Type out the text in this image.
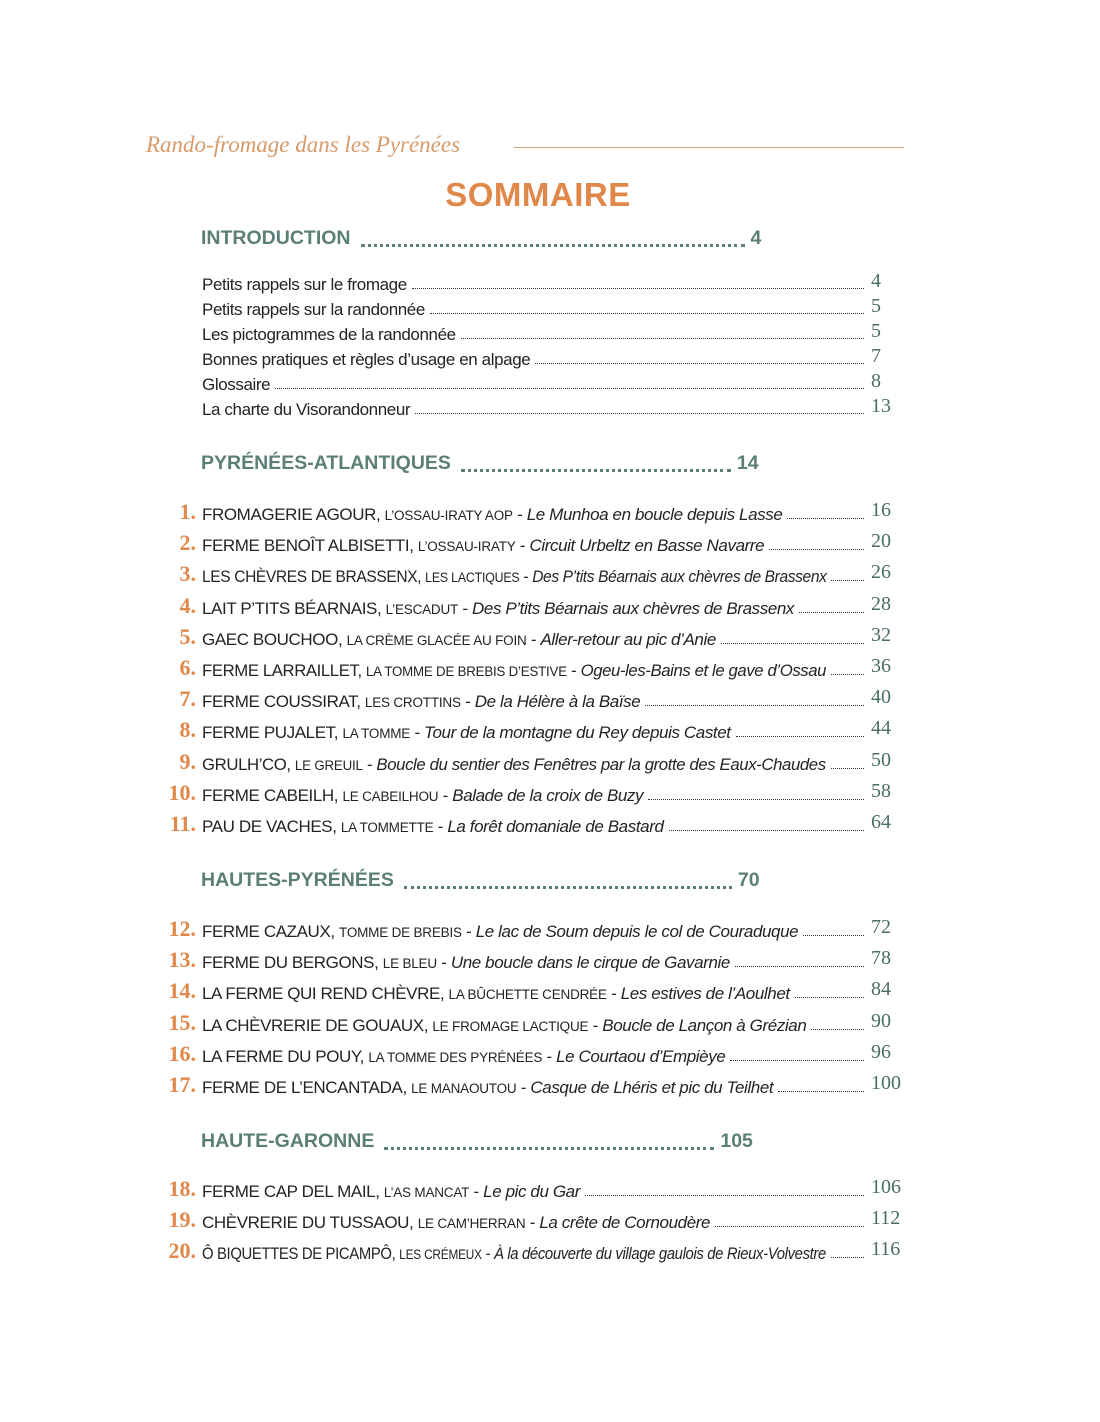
Rando-fromage dans les Pyrénées
SOMMAIRE
INTRODUCTION	4
Petits rappels sur le fromage	4
Petits rappels sur la randonnée	5
Les pictogrammes de la randonnée	5
Bonnes pratiques et règles d’usage en alpage	7
Glossaire	8
La charte du Visorandonneur	13
PYRÉNÉES-ATLANTIQUES	14
1. FROMAGERIE AGOUR, L’OSSAU-IRATY AOP - Le Munhoa en boucle depuis Lasse	16
2. FERME BENOÎT ALBISETTI, L’OSSAU-IRATY - Circuit Urbeltz en Basse Navarre	20
3. LES CHÈVRES DE BRASSENX, LES LACTIQUES - Des P’tits Béarnais aux chèvres de Brassenx 26
4. LAIT P’TITS BÉARNAIS, L’ESCADUT - Des P’tits Béarnais aux chèvres de Brassenx	28
5. GAEC BOUCHOO, LA CRÈME GLACÉE AU FOIN - Aller-retour au pic d’Anie	32
6. FERME LARRAILLET, LA TOMME DE BREBIS D’ESTIVE - Ogeu-les-Bains et le gave d’Ossau 36
7. FERME COUSSIRAT, LES CROTTINS - De la Hélère à la Baïse	40
8. FERME PUJALET, LA TOMME - Tour de la montagne du Rey depuis Castet	44
9. GRULH’CO, LE GREUIL - Boucle du sentier des Fenêtres par la grotte des Eaux-Chaudes 50
10. FERME CABEILH, LE CABEILHOU - Balade de la croix de Buzy	58
11. PAU DE VACHES, LA TOMMETTE - La forêt domaniale de Bastard	64
HAUTES-PYRÉNÉES	70
12. FERME CAZAUX, TOMME DE BREBIS - Le lac de Soum depuis le col de Couraduque	72
13. FERME DU BERGONS, LE BLEU - Une boucle dans le cirque de Gavarnie	78
14. LA FERME QUI REND CHÈVRE, LA BÛCHETTE CENDRÉE - Les estives de l’Aoulhet	84
15. LA CHÈVRERIE DE GOUAUX, LE FROMAGE LACTIQUE - Boucle de Lançon à Grézian	90
16. LA FERME DU POUY, LA TOMME DES PYRÉNÉES - Le Courtaou d’Empièye	96
17. FERME DE L’ENCANTADA, LE MANAOUTOU - Casque de Lhéris et pic du Teilhet	100
HAUTE-GARONNE	105
18. FERME CAP DEL MAIL, L’AS MANCAT - Le pic du Gar	106
19. CHÈVRERIE DU TUSSAOU, LE CAM’HERRAN - La crête de Cornoudère	112
20. Ô BIQUETTES DE PICAMPÔ, LES CRÉMEUX - À la découverte du village gaulois de Rieux-Volvestre 116
